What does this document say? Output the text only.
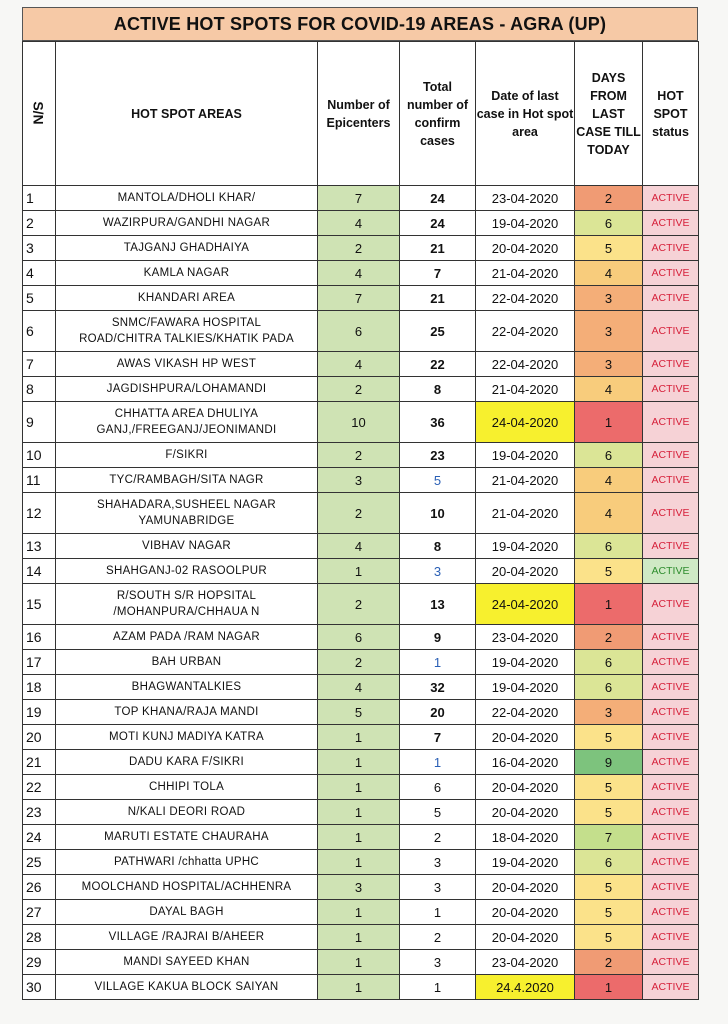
ACTIVE HOT SPOTS FOR COVID-19 AREAS - AGRA (UP)
S/N	HOT SPOT AREAS	Number of Epicenters	Total number of confirm cases	Date of last case in Hot spot area	DAYS FROM LAST CASE TILL TODAY	HOT SPOT status
1	MANTOLA/DHOLI KHAR/	7	24	23-04-2020	2	ACTIVE
2	WAZIRPURA/GANDHI NAGAR	4	24	19-04-2020	6	ACTIVE
3	TAJGANJ GHADHAIYA	2	21	20-04-2020	5	ACTIVE
4	KAMLA NAGAR	4	7	21-04-2020	4	ACTIVE
5	KHANDARI AREA	7	21	22-04-2020	3	ACTIVE
6	SNMC/FAWARA HOSPITAL
ROAD/CHITRA TALKIES/KHATIK PADA	6	25	22-04-2020	3	ACTIVE
7	AWAS VIKASH HP WEST	4	22	22-04-2020	3	ACTIVE
8	JAGDISHPURA/LOHAMANDI	2	8	21-04-2020	4	ACTIVE
9	CHHATTA AREA DHULIYA
GANJ,/FREEGANJ/JEONIMANDI	10	36	24-04-2020	1	ACTIVE
10	F/SIKRI	2	23	19-04-2020	6	ACTIVE
11	TYC/RAMBAGH/SITA NAGR	3	5	21-04-2020	4	ACTIVE
12	SHAHADARA,SUSHEEL NAGAR
YAMUNABRIDGE	2	10	21-04-2020	4	ACTIVE
13	VIBHAV NAGAR	4	8	19-04-2020	6	ACTIVE
14	SHAHGANJ-02 RASOOLPUR	1	3	20-04-2020	5	ACTIVE
15	R/SOUTH S/R HOPSITAL
/MOHANPURA/CHHAUA N	2	13	24-04-2020	1	ACTIVE
16	AZAM PADA /RAM NAGAR	6	9	23-04-2020	2	ACTIVE
17	BAH URBAN	2	1	19-04-2020	6	ACTIVE
18	BHAGWANTALKIES	4	32	19-04-2020	6	ACTIVE
19	TOP KHANA/RAJA MANDI	5	20	22-04-2020	3	ACTIVE
20	MOTI KUNJ MADIYA KATRA	1	7	20-04-2020	5	ACTIVE
21	DADU KARA F/SIKRI	1	1	16-04-2020	9	ACTIVE
22	CHHIPI TOLA	1	6	20-04-2020	5	ACTIVE
23	N/KALI DEORI ROAD	1	5	20-04-2020	5	ACTIVE
24	MARUTI ESTATE CHAURAHA	1	2	18-04-2020	7	ACTIVE
25	PATHWARI /chhatta UPHC	1	3	19-04-2020	6	ACTIVE
26	MOOLCHAND HOSPITAL/ACHHENRA	3	3	20-04-2020	5	ACTIVE
27	DAYAL BAGH	1	1	20-04-2020	5	ACTIVE
28	VILLAGE /RAJRAI B/AHEER	1	2	20-04-2020	5	ACTIVE
29	MANDI SAYEED KHAN	1	3	23-04-2020	2	ACTIVE
30	VILLAGE KAKUA BLOCK SAIYAN	1	1	24.4.2020	1	ACTIVE
